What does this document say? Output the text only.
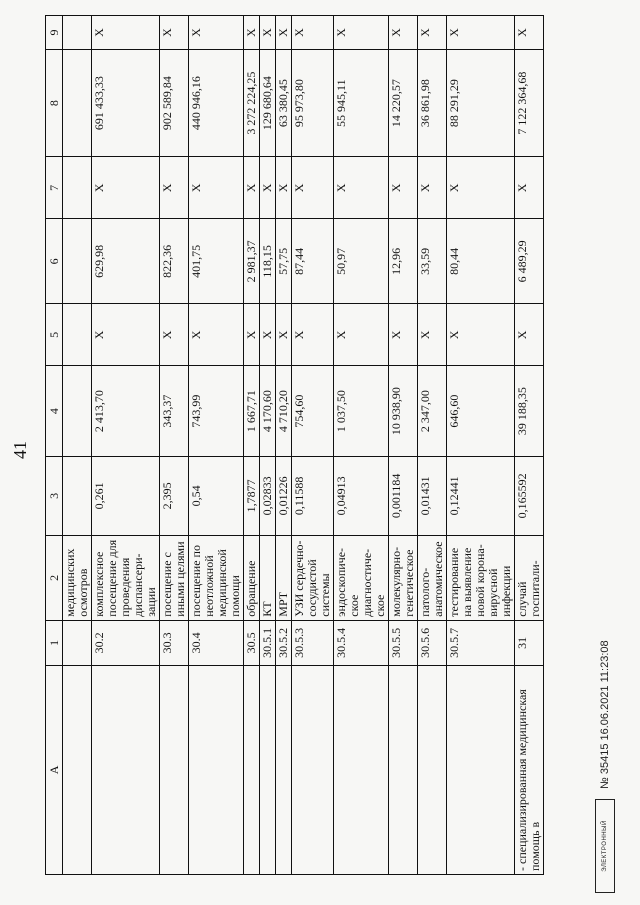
41
А	1	2	3	4	5	6	7	8	9
		медицинских осмотров							
	30.2	комплексное посещение для проведения диспансери-зации	0,261	2 413,70	X	629,98	X	691 433,33	X
	30.3	посещение с иными целями	2,395	343,37	X	822,36	X	902 589,84	X
	30.4	посещение по неотложной медицинской помощи	0,54	743,99	X	401,75	X	440 946,16	X
	30.5	обращение	1,7877	1 667,71	X	2 981,37	X	3 272 224,25	X
	30.5.1	КТ	0,02833	4 170,60	X	118,15	X	129 680,64	X
	30.5.2	МРТ	0,01226	4 710,20	X	57,75	X	63 380,45	X
	30.5.3	УЗИ сердечно-сосудистой системы	0,11588	754,60	X	87,44	X	95 973,80	X
	30.5.4	эндоскопиче-ское диагностиче-ское	0,04913	1 037,50	X	50,97	X	55 945,11	X
	30.5.5	молекулярно-генетическое	0,001184	10 938,90	X	12,96	X	14 220,57	X
	30.5.6	патолого-анатомическое	0,01431	2 347,00	X	33,59	X	36 861,98	X
	30.5.7	тестирование на выявление новой корона-вирусной инфекции	0,12441	646,60	X	80,44	X	88 291,29	X
- специализированная медицинская помощь в	31	случай госпитали-	0,165592	39 188,35	X	6 489,29	X	7 122 364,68	X
ЭЛЕКТРОННЫЙ
№ 35415 16.06.2021 11:23:08
